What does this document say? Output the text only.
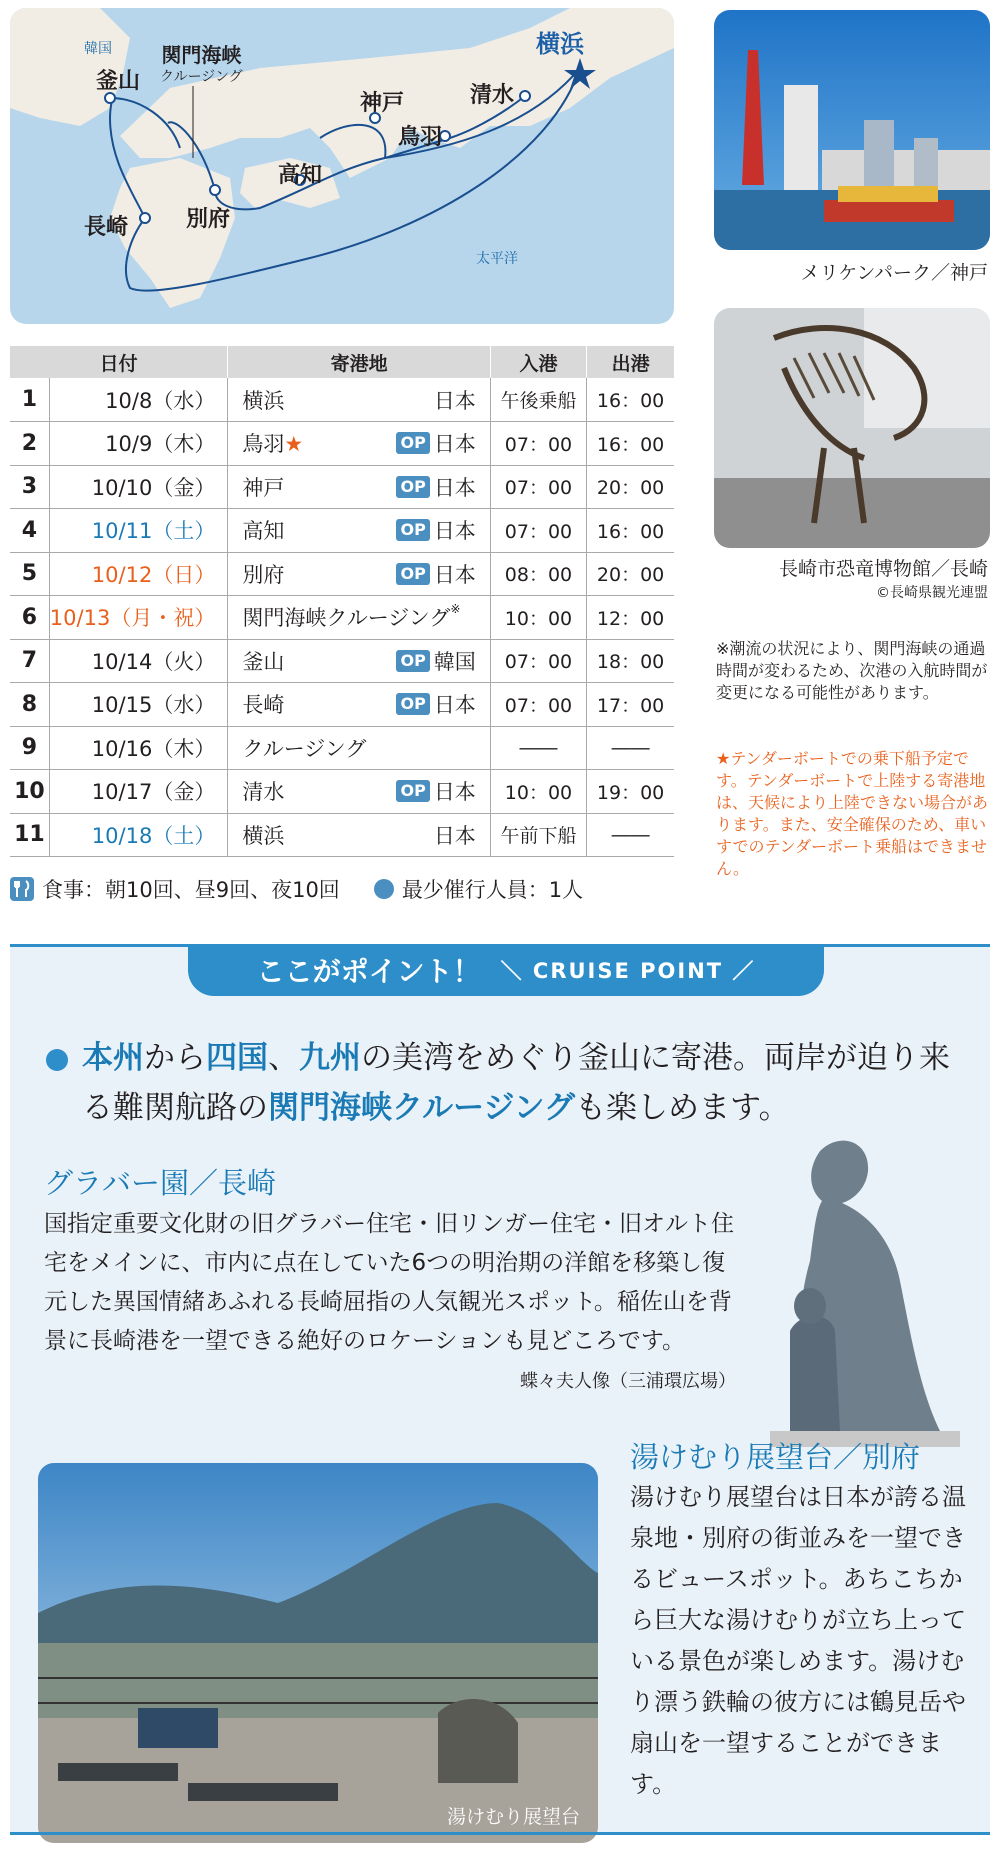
韓国
釜山
関門海峡
クルージング
神戸	清水
横浜
鳥羽
高知
別府
長崎
太平洋
メリケンパーク／神戸
長崎市恐竜博物館／長崎
©長崎県観光連盟
日付		寄港地	入港	出港
1	10/8（水）	横浜 日本	午後乗船	16：00
2	10/9（木）	鳥羽★ OP 日本	07：00	16：00
3	10/10（金）	神戸 OP 日本	07：00	20：00
4	10/11（土）	高知 OP 日本	07：00	16：00
5	10/12（日）	別府 OP 日本	08：00	20：00
6	10/13（月・祝）	関門海峡クルージング※	10：00	12：00
7	10/14（火）	釜山 OP 韓国	07：00	18：00
8	10/15（水）	長崎 OP 日本	07：00	17：00
9	10/16（木）	クルージング	――	――
10	10/17（金）	清水 OP 日本	10：00	19：00
11	10/18（土）	横浜 日本	午前下船	――
※潮流の状況により、関門海峡の通過時間が変わるため、次港の入航時間が変更になる可能性があります。
★テンダーボートでの乗下船予定です。テンダーボートで上陸する寄港地は、天候により上陸できない場合があります。また、安全確保のため、車いすでのテンダーボート乗船はできません。
食事：朝10回、昼9回、夜10回	最少催行人員：1人
ここがポイント！ ＼ CRUISE POINT ／
本州から四国、九州の美湾をめぐり釜山に寄港。両岸が迫り来る難関航路の関門海峡クルージングも楽しめます。
グラバー園／長崎
国指定重要文化財の旧グラバー住宅・旧リンガー住宅・旧オルト住宅をメインに、市内に点在していた6つの明治期の洋館を移築し復元した異国情緒あふれる長崎屈指の人気観光スポット。稲佐山を背景に長崎港を一望できる絶好のロケーションも見どころです。
蝶々夫人像（三浦環広場）
湯けむり展望台
湯けむり展望台／別府
湯けむり展望台は日本が誇る温泉地・別府の街並みを一望できるビュースポット。あちこちから巨大な湯けむりが立ち上っている景色が楽しめます。湯けむり漂う鉄輪の彼方には鶴見岳や扇山を一望することができます。
